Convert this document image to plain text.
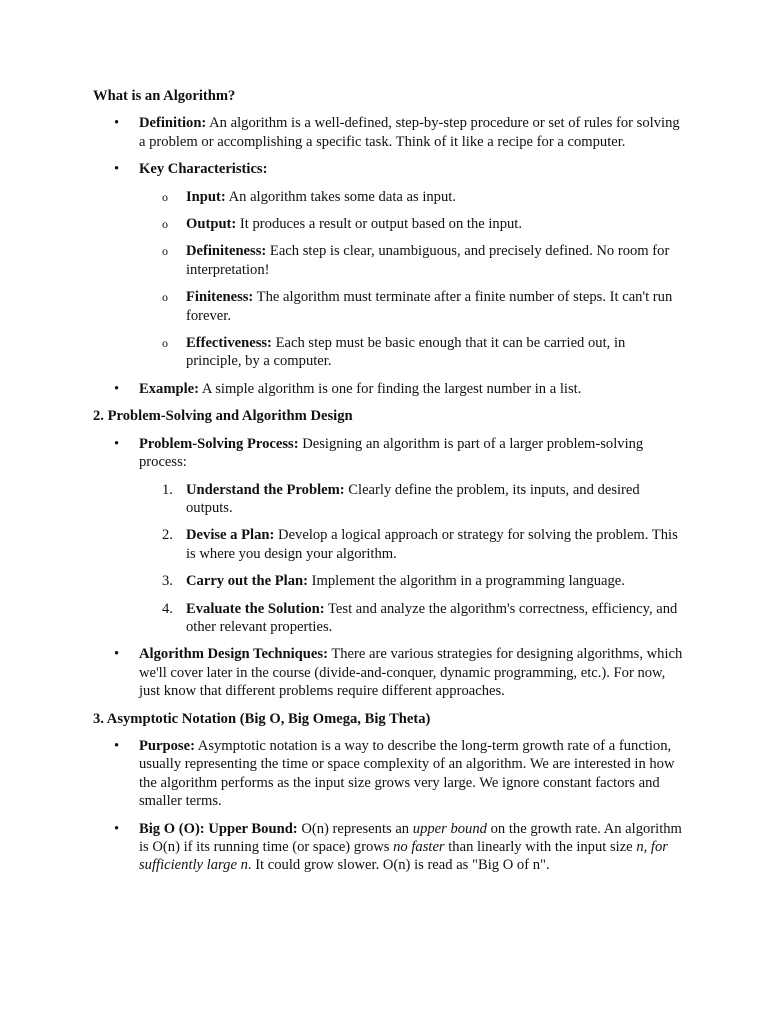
What is an Algorithm?
• Definition: An algorithm is a well-defined, step-by-step procedure or set of rules for solving a problem or accomplishing a specific task. Think of it like a recipe for a computer.
• Key Characteristics:
o Input: An algorithm takes some data as input.
o Output: It produces a result or output based on the input.
o Definiteness: Each step is clear, unambiguous, and precisely defined. No room for interpretation!
o Finiteness: The algorithm must terminate after a finite number of steps. It can't run forever.
o Effectiveness: Each step must be basic enough that it can be carried out, in principle, by a computer.
• Example: A simple algorithm is one for finding the largest number in a list.
2. Problem-Solving and Algorithm Design
• Problem-Solving Process: Designing an algorithm is part of a larger problem-solving process:
1. Understand the Problem: Clearly define the problem, its inputs, and desired outputs.
2. Devise a Plan: Develop a logical approach or strategy for solving the problem. This is where you design your algorithm.
3. Carry out the Plan: Implement the algorithm in a programming language.
4. Evaluate the Solution: Test and analyze the algorithm's correctness, efficiency, and other relevant properties.
• Algorithm Design Techniques: There are various strategies for designing algorithms, which we'll cover later in the course (divide-and-conquer, dynamic programming, etc.). For now, just know that different problems require different approaches.
3. Asymptotic Notation (Big O, Big Omega, Big Theta)
• Purpose: Asymptotic notation is a way to describe the long-term growth rate of a function, usually representing the time or space complexity of an algorithm. We are interested in how the algorithm performs as the input size grows very large. We ignore constant factors and smaller terms.
• Big O (O): Upper Bound: O(n) represents an upper bound on the growth rate. An algorithm is O(n) if its running time (or space) grows no faster than linearly with the input size n, for sufficiently large n. It could grow slower. O(n) is read as "Big O of n".
